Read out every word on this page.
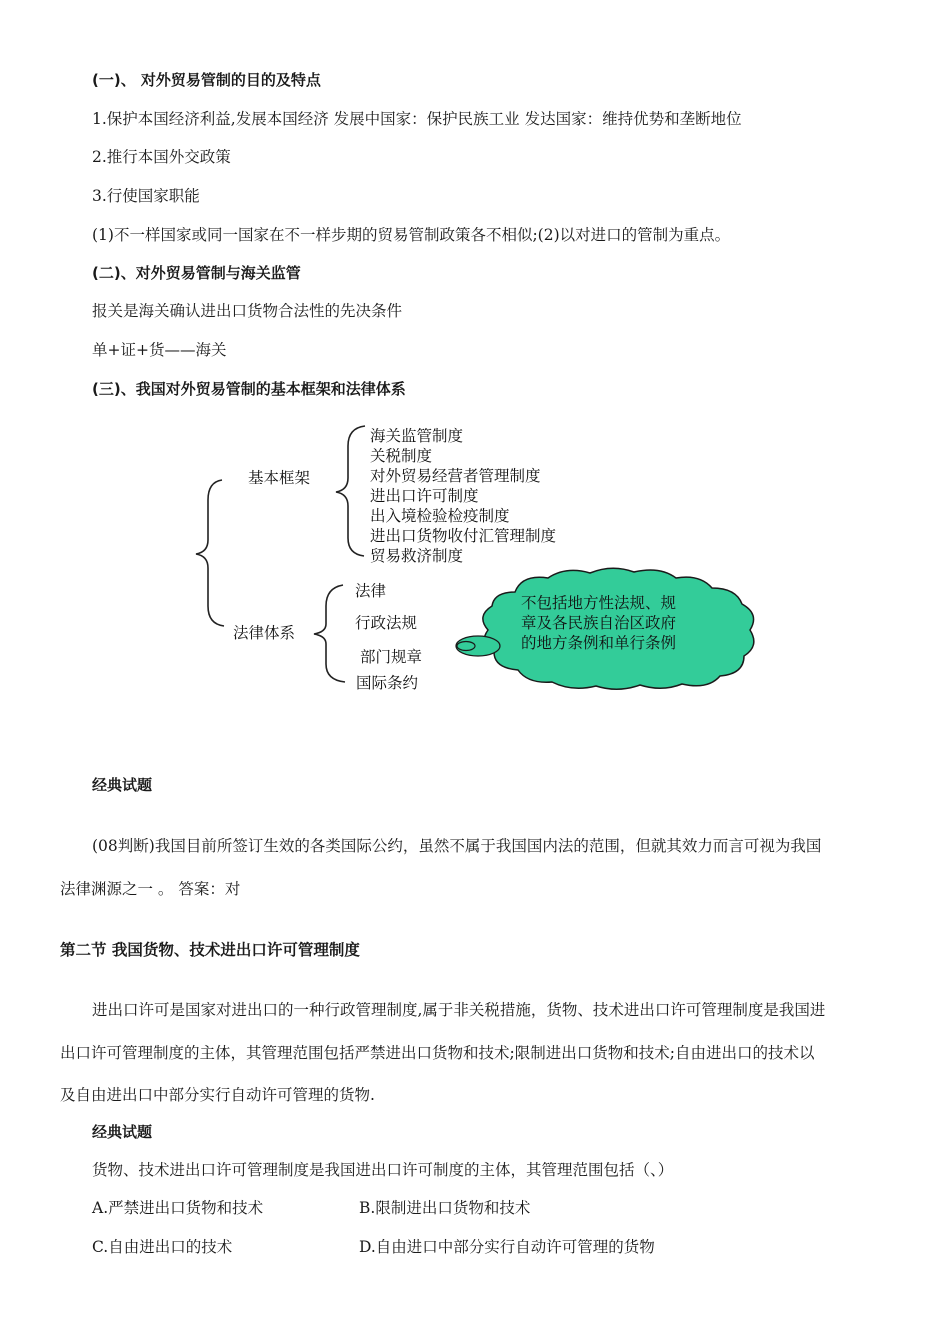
(一)、 对外贸易管制的目的及特点
1.保护本国经济利益,发展本国经济 发展中国家：保护民族工业 发达国家：维持优势和垄断地位
2.推行本国外交政策
3.行使国家职能
(1)不一样国家或同一国家在不一样步期的贸易管制政策各不相似;(2)以对进口的管制为重点。
(二)、对外贸易管制与海关监管
报关是海关确认进出口货物合法性的先决条件
单+证+货——海关
(三)、我国对外贸易管制的基本框架和法律体系
基本框架
海关监管制度
关税制度
对外贸易经营者管理制度
进出口许可制度
出入境检验检疫制度
进出口货物收付汇管理制度
贸易救济制度
法律体系
法律
行政法规
部门规章
国际条约
不包括地方性法规、规
章及各民族自治区政府
的地方条例和单行条例
经典试题
(08判断)我国目前所签订生效的各类国际公约，虽然不属于我国国内法的范围，但就其效力而言可视为我国
法律渊源之一 。 答案：对
第二节 我国货物、技术进出口许可管理制度
进出口许可是国家对进出口的一种行政管理制度,属于非关税措施，货物、技术进出口许可管理制度是我国进
出口许可管理制度的主体，其管理范围包括严禁进出口货物和技术;限制进出口货物和技术;自由进出口的技术以
及自由进出口中部分实行自动许可管理的货物.
经典试题
货物、技术进出口许可管理制度是我国进出口许可制度的主体，其管理范围包括（、）
A.严禁进出口货物和技术	B.限制进出口货物和技术
C.自由进出口的技术	D.自由进口中部分实行自动许可管理的货物
